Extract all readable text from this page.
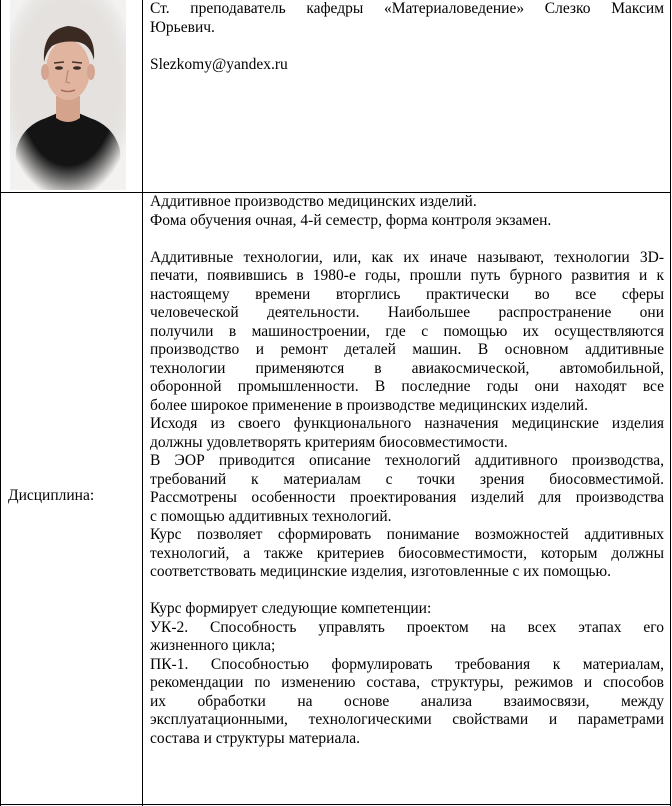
Ст. преподаватель кафедры «Материаловедение» Слезко Максим
Юрьевич.
Slezkomy@yandex.ru
Дисциплина:
Аддитивное производство медицинских изделий.
Фома обучения очная, 4-й семестр, форма контроля экзамен.
Аддитивные технологии, или, как их иначе называют, технологии 3D-
печати, появившись в 1980-е годы, прошли путь бурного развития и к
настоящему времени вторглись практически во все сферы
человеческой деятельности. Наибольшее распространение они
получили в машиностроении, где с помощью их осуществляются
производство и ремонт деталей машин. В основном аддитивные
технологии применяются в авиакосмической, автомобильной,
оборонной промышленности. В последние годы они находят все
более широкое применение в производстве медицинских изделий.
Исходя из своего функционального назначения медицинские изделия
должны удовлетворять критериям биосовместимости.
В ЭОР приводится описание технологий аддитивного производства,
требований к материалам с точки зрения биосовместимой.
Рассмотрены особенности проектирования изделий для производства
с помощью аддитивных технологий.
Курс позволяет сформировать понимание возможностей аддитивных
технологий, а также критериев биосовместимости, которым должны
соответствовать медицинские изделия, изготовленные с их помощью.
Курс формирует следующие компетенции:
УК-2. Способность управлять проектом на всех этапах его
жизненного цикла;
ПК-1. Способностью формулировать требования к материалам,
рекомендации по изменению состава, структуры, режимов и способов
их обработки на основе анализа взаимосвязи, между
эксплуатационными, технологическими свойствами и параметрами
состава и структуры материала.
